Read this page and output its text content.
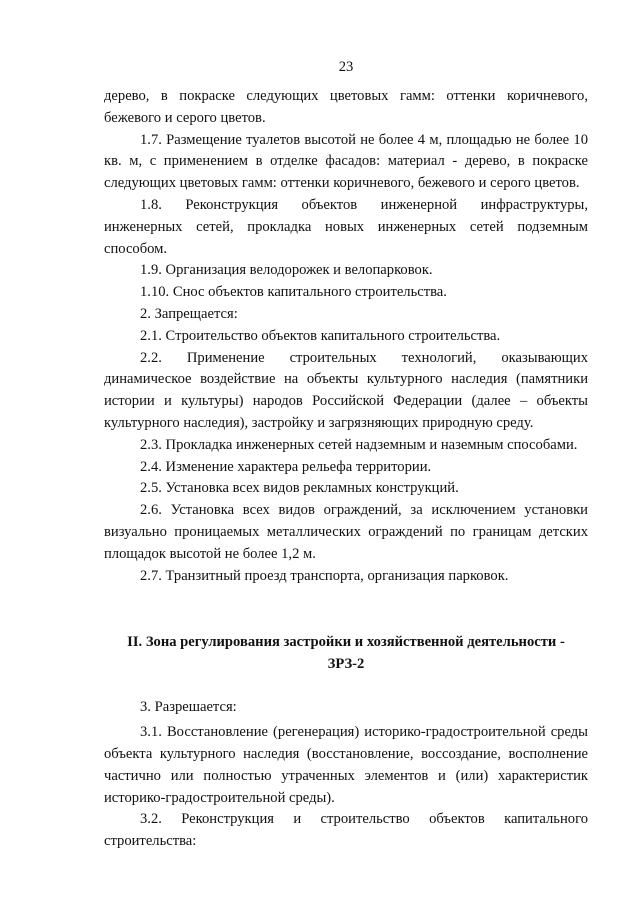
23

дерево, в покраске следующих цветовых гамм: оттенки коричневого, бежевого и серого цветов.

1.7. Размещение туалетов высотой не более 4 м, площадью не более 10 кв. м, с применением в отделке фасадов: материал - дерево, в покраске следующих цветовых гамм: оттенки коричневого, бежевого и серого цветов.

1.8. Реконструкция объектов инженерной инфраструктуры, инженерных сетей, прокладка новых инженерных сетей подземным способом.

1.9. Организация велодорожек и велопарковок.

1.10. Снос объектов капитального строительства.

2. Запрещается:

2.1. Строительство объектов капитального строительства.

2.2. Применение строительных технологий, оказывающих динамическое воздействие на объекты культурного наследия (памятники истории и культуры) народов Российской Федерации (далее – объекты культурного наследия), застройку и загрязняющих природную среду.

2.3. Прокладка инженерных сетей надземным и наземным способами.

2.4. Изменение характера рельефа территории.

2.5. Установка всех видов рекламных конструкций.

2.6. Установка всех видов ограждений, за исключением установки визуально проницаемых металлических ограждений по границам детских площадок высотой не более 1,2 м.

2.7. Транзитный проезд транспорта, организация парковок.

II. Зона регулирования застройки и хозяйственной деятельности -
ЗРЗ-2

3. Разрешается:

3.1. Восстановление (регенерация) историко-градостроительной среды объекта культурного наследия (восстановление, воссоздание, восполнение частично или полностью утраченных элементов и (или) характеристик историко-градостроительной среды).

3.2. Реконструкция и строительство объектов капитального строительства:
